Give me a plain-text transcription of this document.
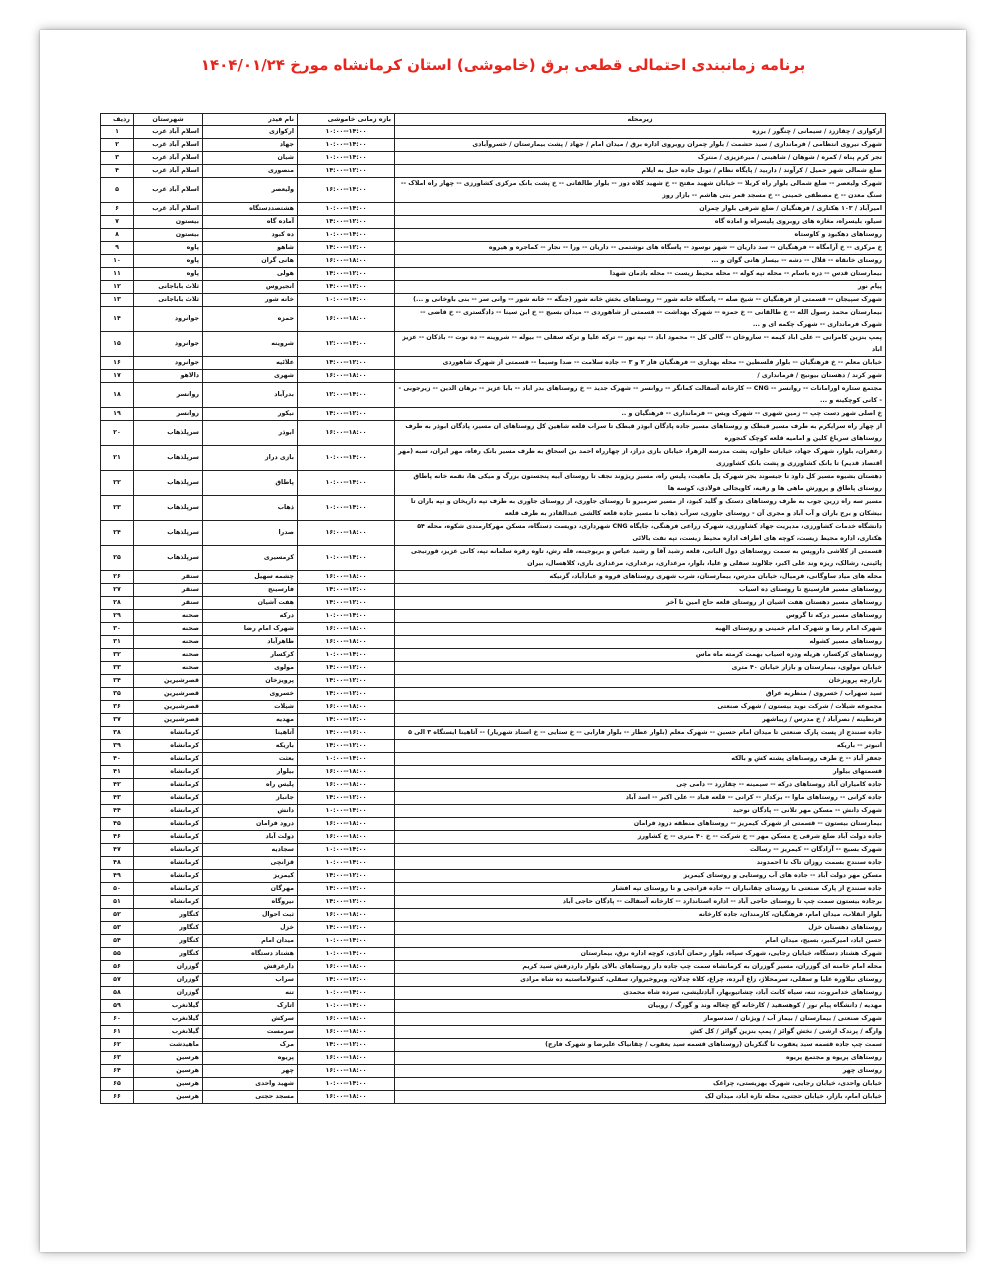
برنامه زمانبندی احتمالی قطعی برق (خاموشی) استان کرمانشاه مورخ ۱۴۰۴/۰۱/۲۴
زیرمحله	بازه زمانی خاموشی	نام فیدر	شهرستان	ردیف
ارکوازی / چقازرد / سیمانی / چنگور / برزه	۱۰:۰۰--۱۴:۰۰	ارکوازی	اسلام آباد غرب	۱
شهرک نیروی انتظامی / فرمانداری / سید حشمت / بلوار چمران روبروی اداره برق / میدان امام / جهاد / پشت بیمارستان / خسروآبادی	۱۰:۰۰--۱۴:۰۰	جهاد	اسلام آباد غرب	۲
تجر کرم پناه / کمره / شوهان / شاهینی / میرعزیزی / منترک	۱۰:۰۰--۱۴:۰۰	شیان	اسلام آباد غرب	۳
ضلع شمالی شهر حمیل / کرآوند / داربید / پایگاه نظام / تونل جاده حیل به ایلام	۱۴:۰۰--۱۲:۰۰	منصوری	اسلام آباد غرب	۴
شهرک ولیعصر -- ضلع شمالی بلوار راه کربلا -- خیابان شهید مفتح -- خ شهید کلاه دوز -- بلوار طالقانی -- خ پشت بانک مرکزی کشاورزی -- چهار راه املاک -- سنگ معدن -- خ مصطفی خمینی -- خ مسجد قمر بنی هاشم -- بازار روز	۱۶:۰۰--۱۴:۰۰	ولیعصر	اسلام آباد غرب	۵
امیرآباد / ۱۰۳ هکتاری / فرهنگیان / ضلع شرقی بلوار چمران	۱۰:۰۰--۱۴:۰۰	هشتصددستگاه	اسلام آباد غرب	۶
سیلو، بلیسراه، مغازه های روبروی پلیسراه و اماده گاه	۱۴:۰۰--۱۲:۰۰	آماده گاه	بیستون	۷
روستاهای دهکبود و کاوستاه	۱۰:۰۰--۱۴:۰۰	ده کبود	بیستون	۸
خ مرکزی -- خ آرامگاه -- فرهنگیان -- سد داریان -- شهر نوسود -- پاسگاه های نوشتمی -- داریان -- ورا -- نجار -- کماجره و هیروه	۱۴:۰۰--۱۲:۰۰	شاهو	پاوه	۹
روستای خانقاه -- قلال -- دشه -- بیساز هانی گوان و ...	۱۶:۰۰--۱۸:۰۰	هانی گران	پاوه	۱۰
بیمارستان قدس -- دره باسام -- محله تپه کوله -- محله محیط زیست -- محله بادمان شهدا	۱۴:۰۰--۱۲:۰۰	هولی	پاوه	۱۱
پیام نور	۱۴:۰۰--۱۲:۰۰	انجیروس	ثلاث باباجانی	۱۲
شهرک سپیجان -- قسمتی از فرهنگیان -- شیخ صله -- پاسگاه خانه شور -- روستاهای بخش خانه شور (جنگه -- خانه شور -- وانی سر -- بنی باوخانی و ...)	۱۰:۰۰--۱۴:۰۰	خانه شور	ثلاث باباجانی	۱۳
بیمارستان محمد رسول الله -- خ طالقانی -- خ حمزه -- شهرک بهداشت -- قسمتی از شاهوردی -- میدان بسیج -- خ ابن سینا -- دادگستری -- خ قاضی -- شهرک فرمانداری -- شهرک چکمه ای و ...	۱۶:۰۰--۱۸:۰۰	حمزه	جوانرود	۱۴
پمپ بنزین کامرانی -- علی اباد کیمه -- ساروخان -- گالی کل -- محمود اباد -- تپه نور -- ترکه علیا و ترکه سفلی -- بیوله -- شروینه -- ده نوت -- باذکان -- عزیز اباد	۱۲:۰۰--۱۴:۰۰	شروینه	جوانرود	۱۵
خیابان معلم -- خ فرهنگیان -- بلوار فلسطین -- محله بهداری -- فرهنگیان فاز ۲ و ۳ -- جاده سلامت -- صدا وسیما -- قسمتی از شهرک شاهوردی	۱۴:۰۰--۱۲:۰۰	علائیه	جوانرود	۱۶
شهر کرند / دهستان بیونیج / فرمانداری /	۱۶:۰۰--۱۸:۰۰	شهری	دالاهو	۱۷
مجتمع ستاره اورامانات -- روانسر -- CNG -- کارخانه آسفالت کمانگر -- روانسر -- شهرک جدید -- خ روستاهای بدر اباد -- بابا عزیز -- برهان الدین -- زیرجوبی -- کانی کوچکینه و ...	۱۲:۰۰--۱۴:۰۰	بدرآباد	روانسر	۱۸
خ اصلی شهر دست چپ -- زمین شهری -- شهرک ویس -- فرمانداری -- فرهنگیان و ..	۱۴:۰۰--۱۲:۰۰	نیکور	روانسر	۱۹
از چهار راه سرایکرم به طرف مسیر قبطک و روستاهای مسیر جاده پادگان ابوذر قبطک تا سراب قلعه شاهین کل روستاهای ان مسیر، پادگان ابوذر به طرف روستاهای سرباغ کلین و امامیه قلعه کوچک کنجوره	۱۶:۰۰--۱۸:۰۰	ابوذر	سرپلذهاب	۲۰
زعفران، بلوار، شهرک جهاد، خیابان حلوان، پشت مدرسه الزهرا، خیابان بازی دراز، از چهارراه احمد بن اسحاق به طرف مسیر بانک رفاه، مهر ایران، سبه (مهر اقتصاد قدیم) تا بانک کشاورزی و پشت بانک کشاورزی	۱۰:۰۰--۱۴:۰۰	بازی دراز	سرپلذهاب	۲۱
دهستان بشیوه مسیر کل داود تا جیسوند بجز شهرک پل ماهیت، پلیس راه، مسیر ریژوند نجف تا روستای آبیه پنجستون بزرگ و میکی ها، نقمه خانه پاطاق روستای پاطاق و پرورش ماهی ها و رقیه، کاویجالی فولادی، کوسه ها	۱۰:۰۰--۱۴:۰۰	پاطاق	سرپلذهاب	۲۲
مسیر سه راه زرین جوب به طرف روستاهای دستک و گلید کبود، از مسیر سرمیرو تا روستای جاوری، از روستای جاوری به طرف تپه داریخان و تپه باران تا بیشکان و برج باران و آب آباد و مجری آن - روستای جاوری، سرآب ذهاب تا مسیر جاده قلعه کالشی عبدالقادر به طرف قلعه	۱۰:۰۰--۱۴:۰۰	ذهاب	سرپلذهاب	۲۳
دانشگاه خدمات کشاورزی، مدیریت جهاد کشاورزی، شهرک زراعی فرهنگی، جایگاه CNG شهرداری، دویست دستگاه، مسکن مهرکارمندی شکوه، محله ۵۴ هکتاری، اداره محیط زیست، کوچه های اطراف اداره محیط زیست، تپه نفت بالائی	۱۶:۰۰--۱۸:۰۰	صدرا	سرپلذهاب	۲۴
قسمتی از کلاشی داروپس به سمت روستاهای دول البانی، قلعه رشید آقا و رشید عباس و بربوجینه، قله رش، تاوه رقره سلمانه تپه، کانی عزیز، قورتیجی پائینی، رشالک، ریزه وند علی اکبر، جلالوند سفلی و علیا، بلوار، مرغداری، برغداری، مرغداری باری، کلاهسال، بیران	۱۰:۰۰--۱۴:۰۰	کرمسیری	سرپلذهاب	۲۵
محله های میاد ساوگانی، فرمیال، خیابان مدرس، بیمارستان، شرب شهری روستاهای قروه و عبادآباد، گزنیکه	۱۶:۰۰--۱۸:۰۰	چشمه سهیل	سنقر	۲۶
روستاهای مسیر فارسینج تا روستای ده اسیاب	۱۴:۰۰--۱۲:۰۰	فارسینج	سنقر	۲۷
روستاهای مسیر دهستان هفت اشیان از روستای قلعه حاج امین تا آخر	۱۴:۰۰--۱۲:۰۰	هفت آشیان	سنقر	۲۸
روستاهای مسیر درکه تا گروس	۱۰:۰۰--۱۴:۰۰	درکه	صحنه	۲۹
شهرک امام رضا و شهرک امام خمینی و روستای الهیه	۱۶:۰۰--۱۸:۰۰	شهرک امام رضا	صحنه	۳۰
روستاهای مسیر کشوله	۱۶:۰۰--۱۸:۰۰	طاهرآباد	صحنه	۳۱
روستاهای کرکسار، هریله ودره اسیاب بهمت کرمته ماه ماس	۱۰:۰۰--۱۴:۰۰	کرکسار	صحنه	۳۲
خیابان مولوی، بیمارستان و بازار خیابان ۴۰ متری	۱۴:۰۰--۱۲:۰۰	مولوی	صحنه	۳۳
بازارچه پرویزخان	۱۴:۰۰--۱۲:۰۰	پرویزخان	قصرشیرین	۳۴
سید سهراب / خسروی / منظریه عراق	۱۴:۰۰--۱۲:۰۰	خسروی	قصرشیرین	۳۵
مجموعه شیلات / شرکت نوید بیستون / شهرک صنعتی	۱۶:۰۰--۱۸:۰۰	شیلات	قصرشیرین	۳۶
قرنطینه / نصرآباد / خ مدرس / زیباشهر	۱۴:۰۰--۱۲:۰۰	مهدیه	قصرشیرین	۳۷
جاده سنندج از پست پارک صنعتی تا میدان امام حسین -- شهرک معلم (بلوار عطار -- بلوار فارابی -- خ ستایی -- خ استاد شهریار) -- آتاهینا ایستگاه ۳ الی ۵	۱۴:۰۰--۱۶:۰۰	آتاهینا	کرمانشاه	۳۸
انبوتر -- باریکه	۱۴:۰۰--۱۲:۰۰	باریکه	کرمانشاه	۳۹
جعفر آباد -- خ طرف روستاهای پشته کش و بالکه	۱۰:۰۰--۱۴:۰۰	بعثت	کرمانشاه	۴۰
قسمتهای بیلوار	۱۶:۰۰--۱۸:۰۰	بیلوار	کرمانشاه	۴۱
جاده کامیاران آباد روستاهای درکه -- سیمینه -- چقازرد -- دامی چی	۱۶:۰۰--۱۸:۰۰	پلیس راه	کرمانشاه	۴۲
جاده کرانی -- روستاهای ماوا -- برکدار -- کرانی -- قلعه قباد -- علی اکبر -- اسد آباد	۱۴:۰۰--۱۲:۰۰	جانباز	کرمانشاه	۴۳
شهرک دانش -- مسکن مهر تلانی -- پادگان نوحید	۱۰:۰۰--۱۴:۰۰	دانش	کرمانشاه	۴۴
بیمارستان بیستون -- قسمتی از شهرک کیمریز -- روستاهای منطقه درود فرامان	۱۶:۰۰--۱۸:۰۰	درود فرامان	کرمانشاه	۴۵
جاده دولت آباد ضلع شرقی خ مسکن مهر -- خ شرکت -- خ ۴۰ متری -- خ کشاورز	۱۶:۰۰--۱۸:۰۰	دولت آباد	کرمانشاه	۴۶
شهرک بسیج -- آزادگان -- کیمریز -- رسالت	۱۰:۰۰--۱۴:۰۰	سجادیه	کرمانشاه	۴۷
جاده سنندج بسمت روزان تاک تا احمدوند	۱۰:۰۰--۱۴:۰۰	قزانچی	کرمانشاه	۴۸
مسکن مهر دولت آباد -- جاده های آب روستایی و روستای کیمریز	۱۴:۰۰--۱۲:۰۰	کیمریز	کرمانشاه	۴۹
جاده سنندج از پارک صنعتی تا روستای چقانباران -- جاده قزانچی و تا روستای تپه افشار	۱۴:۰۰--۱۲:۰۰	مهرگان	کرمانشاه	۵۰
برجاده بیستون سمت چپ تا روستای حاجی آباد -- اداره استاندارد -- کارخانه آسفالت -- پادگان حاجی آباد	۱۴:۰۰--۱۲:۰۰	نیروگاه	کرمانشاه	۵۱
بلوار انقلاب، میدان امام، فرهنگیان، کارمندان، جاده کارخانه	۱۶:۰۰--۱۸:۰۰	ثبت احوال	کنگاور	۵۲
روستاهای دهستان خزل	۱۴:۰۰--۱۲:۰۰	خزل	کنگاور	۵۳
حسن اباد، امیرکبیر، بسیج، میدان امام	۱۰:۰۰--۱۴:۰۰	میدان امام	کنگاور	۵۴
شهرک هشتاد دستگاه، خیابان رجایی، شهرک سپاه، بلوار رحمان آبادی، کوچه اداره برق، بیمارستان	۱۰:۰۰--۱۴:۰۰	هشتاد دستگاه	کنگاور	۵۵
محله امام خامنه ای گوزران، مسیر گوزران به کرمانشاه سمت چپ جاده دار روستاهای بالای بلوار داردرقش سید کریم	۱۶:۰۰--۱۸:۰۰	دارغرقش	گوزران	۵۶
روستای نیلاوره علیا و سفلی، سرمحلاژ، زاغ آبرده، چراغ، کلاه چدلان، ویروخیروار، سقلی، کنتولاماستیه ده شاه مرادی	۱۴:۰۰--۱۲:۰۰	سراب	گوزران	۵۷
روستاهای خدامروت، تنه، سیاه کانت آباد، چشاتیوبهار، آبادتلیشی، سرده شاه محمدی	۱۰:۰۰--۱۴:۰۰	تنه	گوزران	۵۸
مهدیه / دانشگاه پیام نور / کوهسفید / کارخانه گچ چغاله وند و گورگ / روبیان	۱۰:۰۰--۱۴:۰۰	اتارک	گیلانغرب	۵۹
شهرک صنعتی / بیمارستان / بیماز آب / ویژنان / سدسوماز	۱۶:۰۰--۱۸:۰۰	سرکش	گیلانغرب	۶۰
وارگه / پرندک ارشی / نخش گوائز / پمپ بنزین گوائز / کل کش	۱۶:۰۰--۱۸:۰۰	سرمست	گیلانغرب	۶۱
سمت چپ جاده قسمه سید یعقوب تا گنکربان (روستاهای قسمه سید یعقوب / چقانیاک علیرضا و شهرک فارج)	۱۴:۰۰--۱۲:۰۰	مرک	ماهیدشت	۶۲
روستاهای پریوه و مجتمع پریوه	۱۶:۰۰--۱۸:۰۰	پریوه	هرسین	۶۳
روستای چهر	۱۶:۰۰--۱۸:۰۰	چهر	هرسین	۶۴
خیابان واحدی، خیابان رجایی، شهرک بهزیستی، چراغک	۱۰:۰۰--۱۴:۰۰	شهید واحدی	هرسین	۶۵
خیابان امام، بازار، خیابان حجتی، محله تازه اباد، میدان لک	۱۶:۰۰--۱۸:۰۰	مسجد حجتی	هرسین	۶۶
